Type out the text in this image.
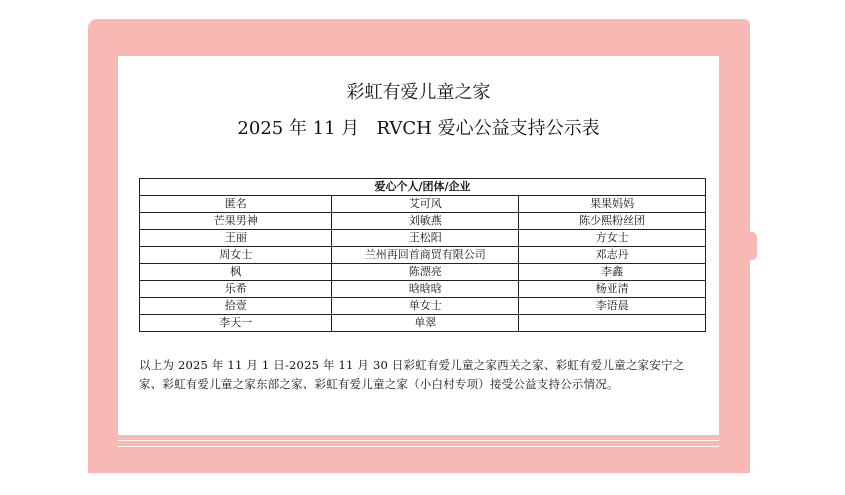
彩虹有爱儿童之家
2025 年 11 月   RVCH 爱心公益支持公示表
爱心个人/团体/企业		
匿名	艾可风	果果妈妈
芒果男神	刘敏燕	陈少熙粉丝团
王丽	王松阳	方女士
周女士	兰州再回首商贸有限公司	邓志丹
枫	陈漂亮	李鑫
乐希	晗晗晗	杨亚清
拾壹	单女士	李语晨
李天一	单翠	

以上为 2025 年 11 月 1 日-2025 年 11 月 30 日彩虹有爱儿童之家西关之家、彩虹有爱儿童之家安宁之家、彩虹有爱儿童之家东部之家、彩虹有爱儿童之家（小白村专项）接受公益支持公示情况。
